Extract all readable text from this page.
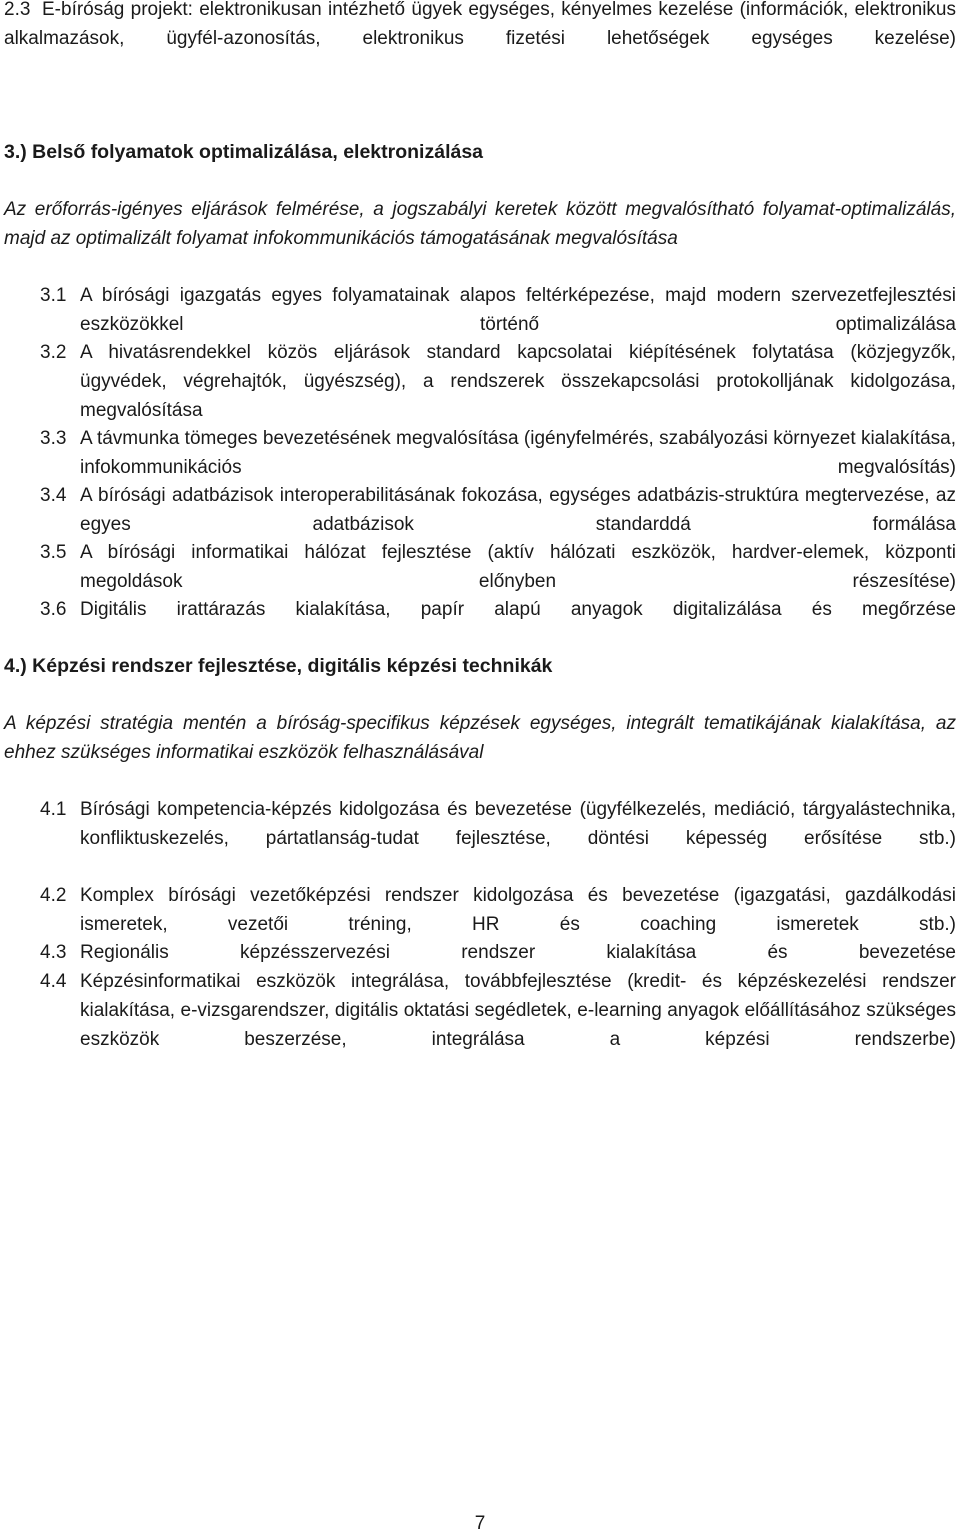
2.3 E-bíróság projekt: elektronikusan intézhető ügyek egységes, kényelmes kezelése (információk, elektronikus alkalmazások, ügyfél-azonosítás, elektronikus fizetési lehetőségek egységes kezelése)
3.) Belső folyamatok optimalizálása, elektronizálása
Az erőforrás-igényes eljárások felmérése, a jogszabályi keretek között megvalósítható folyamat-optimalizálás, majd az optimalizált folyamat infokommunikációs támogatásának megvalósítása
3.1 A bírósági igazgatás egyes folyamatainak alapos feltérképezése, majd modern szervezetfejlesztési eszközökkel történő optimalizálása
3.2 A hivatásrendekkel közös eljárások standard kapcsolatai kiépítésének folytatása (közjegyzők, ügyvédek, végrehajtók, ügyészség), a rendszerek összekapcsolási protokolljának kidolgozása, megvalósítása
3.3 A távmunka tömeges bevezetésének megvalósítása (igényfelmérés, szabályozási környezet kialakítása, infokommunikációs megvalósítás)
3.4 A bírósági adatbázisok interoperabilitásának fokozása, egységes adatbázis-struktúra megtervezése, az egyes adatbázisok standarddá formálása
3.5 A bírósági informatikai hálózat fejlesztése (aktív hálózati eszközök, hardver-elemek, központi megoldások előnyben részesítése)
3.6 Digitális irattárazás kialakítása, papír alapú anyagok digitalizálása és megőrzése
4.) Képzési rendszer fejlesztése, digitális képzési technikák
A képzési stratégia mentén a bíróság-specifikus képzések egységes, integrált tematikájának kialakítása, az ehhez szükséges informatikai eszközök felhasználásával
4.1 Bírósági kompetencia-képzés kidolgozása és bevezetése (ügyfélkezelés, mediáció, tárgyalástechnika, konfliktuskezelés, pártatlanság-tudat fejlesztése, döntési képesség erősítése stb.)
4.2 Komplex bírósági vezetőképzési rendszer kidolgozása és bevezetése (igazgatási, gazdálkodási ismeretek, vezetői tréning, HR és coaching ismeretek stb.)
4.3 Regionális képzésszervezési rendszer kialakítása és bevezetése
4.4 Képzésinformatikai eszközök integrálása, továbbfejlesztése (kredit- és képzéskezelési rendszer kialakítása, e-vizsgarendszer, digitális oktatási segédletek, e-learning anyagok előállításához szükséges eszközök beszerzése, integrálása a képzési rendszerbe)
7
